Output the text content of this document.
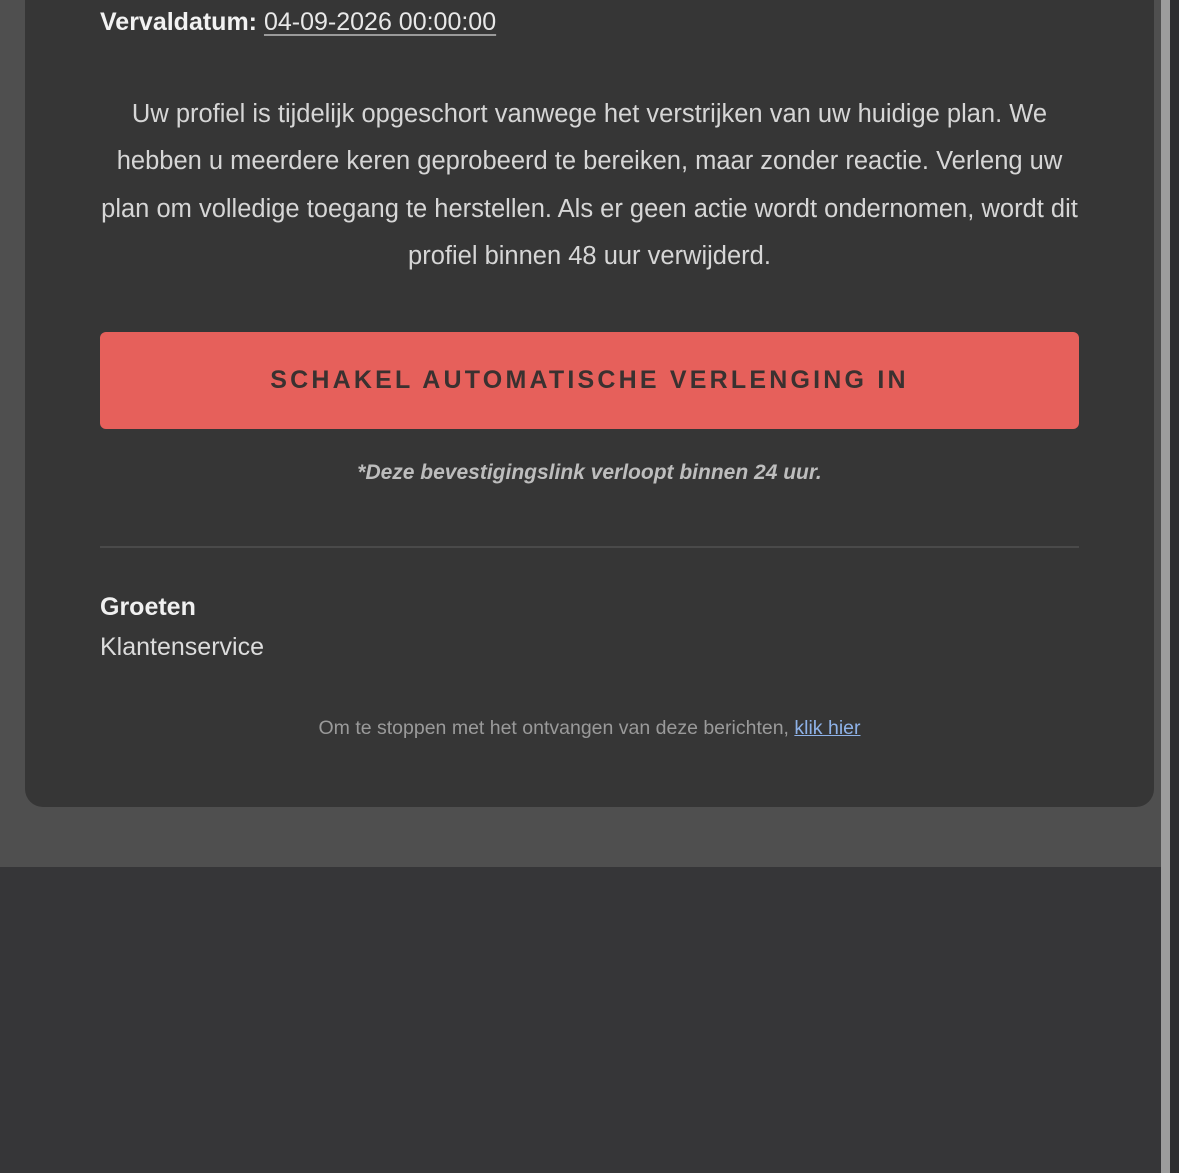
Vervaldatum: 04-09-2026 00:00:00

Uw profiel is tijdelijk opgeschort vanwege het verstrijken van uw huidige plan. We hebben u meerdere keren geprobeerd te bereiken, maar zonder reactie. Verleng uw plan om volledige toegang te herstellen. Als er geen actie wordt ondernomen, wordt dit profiel binnen 48 uur verwijderd.

SCHAKEL AUTOMATISCHE VERLENGING IN
*Deze bevestigingslink verloopt binnen 24 uur.
Groeten
Klantenservice
Om te stoppen met het ontvangen van deze berichten, klik hier
